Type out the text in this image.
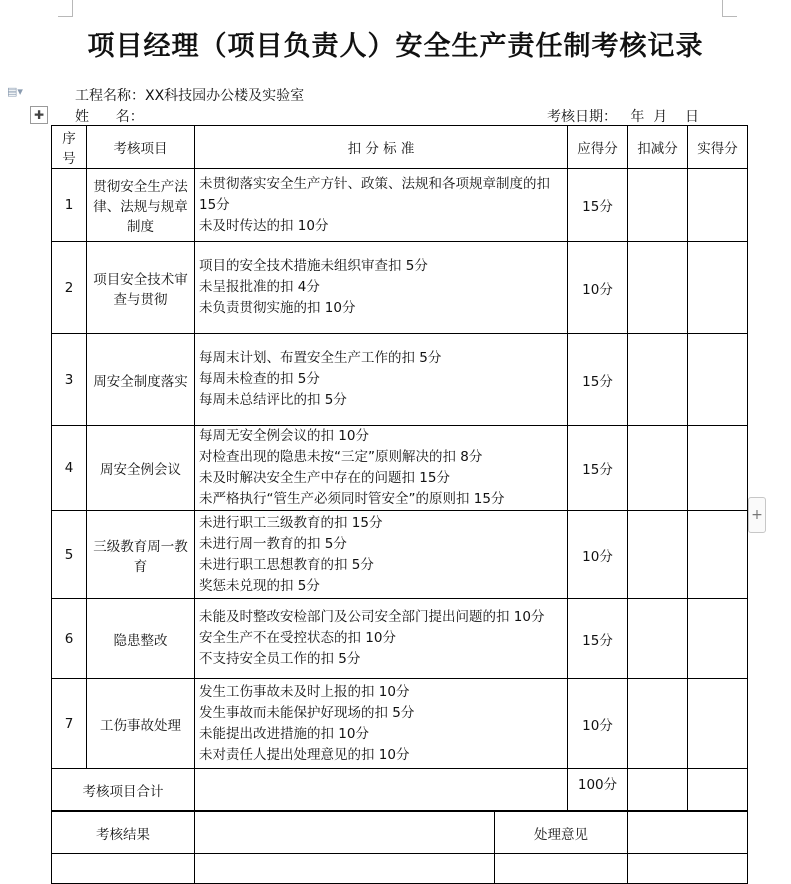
▤▾
✚
+
项目经理（项目负责人）安全生产责任制考核记录
工程名称：XX科技园办公楼及实验室
姓      名：	考核日期：   年  月    日
序号	考核项目	扣 分 标 准	应得分	扣减分	实得分
1	贯彻安全生产法律、法规与规章制度	未贯彻落实安全生产方针、政策、法规和各项规章制度的扣
15分
未及时传达的扣 10分	15分		
2	项目安全技术审查与贯彻	项目的安全技术措施未组织审查扣 5分
未呈报批准的扣 4分
未负责贯彻实施的扣 10分	10分		
3	周安全制度落实	每周末计划、布置安全生产工作的扣 5分
每周未检查的扣 5分
每周未总结评比的扣 5分	15分		
4	周安全例会议	每周无安全例会议的扣 10分
对检查出现的隐患未按“三定”原则解决的扣 8分
未及时解决安全生产中存在的问题扣 15分
未严格执行“管生产必须同时管安全”的原则扣 15分	15分		
5	三级教育周一教育	未进行职工三级教育的扣 15分
未进行周一教育的扣 5分
未进行职工思想教育的扣 5分
奖惩未兑现的扣 5分	10分		
6	隐患整改	未能及时整改安检部门及公司安全部门提出问题的扣 10分
安全生产不在受控状态的扣 10分
不支持安全员工作的扣 5分	15分		
7	工伤事故处理	发生工伤事故未及时上报的扣 10分
发生事故而未能保护好现场的扣 5分
未能提出改进措施的扣 10分
未对责任人提出处理意见的扣 10分	10分		
考核项目合计			100分		
考核结果		处理意见	
